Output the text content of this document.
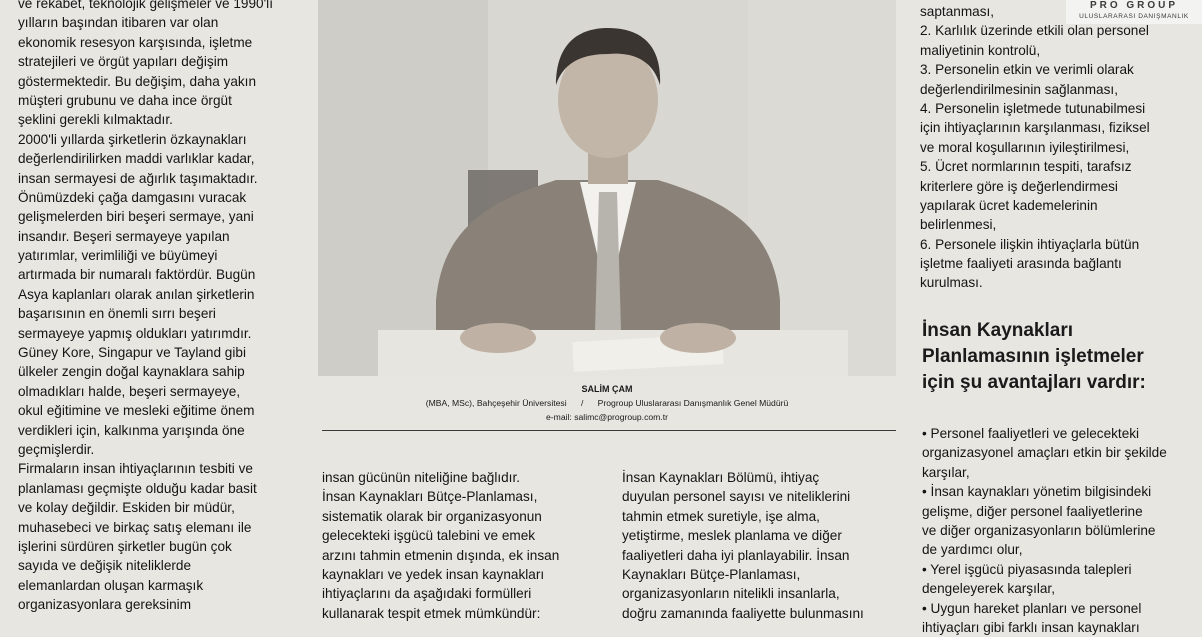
ve rekabet, teknolojik gelişmeler ve 1990'lı
yılların başından itibaren var olan
ekonomik resesyon karşısında, işletme
stratejileri ve örgüt yapıları değişim
göstermektedir. Bu değişim, daha yakın
müşteri grubunu ve daha ince örgüt
şeklini gerekli kılmaktadır.
2000'li yıllarda şirketlerin özkaynakları
değerlendirilirken maddi varlıklar kadar,
insan sermayesi de ağırlık taşımaktadır.
Önümüzdeki çağa damgasını vuracak
gelişmelerden biri beşeri sermaye, yani
insandır. Beşeri sermayeye yapılan
yatırımlar, verimliliği ve büyümeyi
artırmada bir numaralı faktördür. Bugün
Asya kaplanları olarak anılan şirketlerin
başarısının en önemli sırrı beşeri
sermayeye yapmış oldukları yatırımdır.
Güney Kore, Singapur ve Tayland gibi
ülkeler zengin doğal kaynaklara sahip
olmadıkları halde, beşeri sermayeye,
okul eğitimine ve mesleki eğitime önem
verdikleri için, kalkınma yarışında öne
geçmişlerdir.
Firmaların insan ihtiyaçlarının tesbiti ve
planlaması geçmişte olduğu kadar basit
ve kolay değildir. Eskiden bir müdür,
muhasebeci ve birkaç satış elemanı ile
işlerini sürdüren şirketler bugün çok
sayıda ve değişik niteliklerde
elemanlardan oluşan karmaşık
organizasyonlara gereksinim
PRO GROUP
ULUSLARARASI DANIŞMANLIK
SALİM ÇAM
(MBA, MSc), Bahçeşehir Üniversitesi / Progroup Uluslararası Danışmanlık Genel Müdürü
e-mail: salimc@progroup.com.tr
insan gücünün niteliğine bağlıdır.
İnsan Kaynakları Bütçe-Planlaması,
sistematik olarak bir organizasyonun
gelecekteki işgücü talebini ve emek
arzını tahmin etmenin dışında, ek insan
kaynakları ve yedek insan kaynakları
ihtiyaçlarını da aşağıdaki formülleri
kullanarak tespit etmek mümkündür:
İnsan Kaynakları Bölümü, ihtiyaç
duyulan personel sayısı ve niteliklerini
tahmin etmek suretiyle, işe alma,
yetiştirme, meslek planlama ve diğer
faaliyetleri daha iyi planlayabilir. İnsan
Kaynakları Bütçe-Planlaması,
organizasyonların nitelikli insanlarla,
doğru zamanında faaliyette bulunmasını
saptanması,
2. Karlılık üzerinde etkili olan personel
maliyetinin kontrolü,
3. Personelin etkin ve verimli olarak
değerlendirilmesinin sağlanması,
4. Personelin işletmede tutunabilmesi
için ihtiyaçlarının karşılanması, fiziksel
ve moral koşullarının iyileştirilmesi,
5. Ücret normlarının tespiti, tarafsız
kriterlere göre iş değerlendirmesi
yapılarak ücret kademelerinin
belirlenmesi,
6. Personele ilişkin ihtiyaçlarla bütün
işletme faaliyeti arasında bağlantı
kurulması.
İnsan Kaynakları
Planlamasının işletmeler
için şu avantajları vardır:
• Personel faaliyetleri ve gelecekteki
organizasyonel amaçları etkin bir şekilde
karşılar,
• İnsan kaynakları yönetim bilgisindeki
gelişme, diğer personel faaliyetlerine
ve diğer organizasyonların bölümlerine
de yardımcı olur,
• Yerel işgücü piyasasında talepleri
dengeleyerek karşılar,
• Uygun hareket planları ve personel
ihtiyaçları gibi farklı insan kaynakları
